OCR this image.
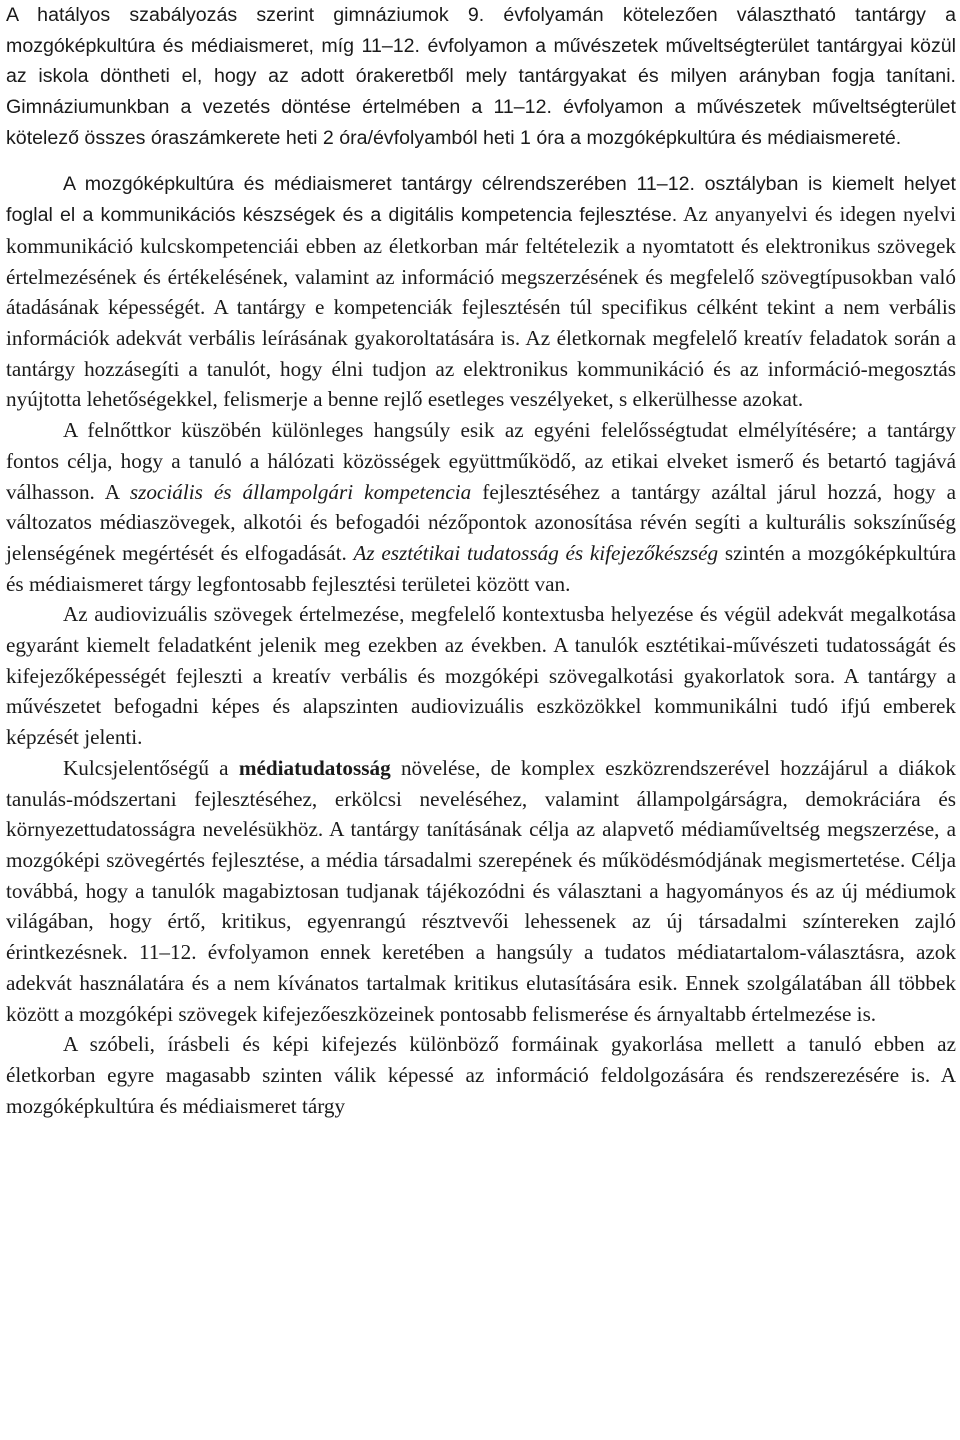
A hatályos szabályozás szerint gimnáziumok 9. évfolyamán kötelezően választható tantárgy a mozgóképkultúra és médiaismeret, míg 11‒12. évfolyamon a művészetek műveltségterület tantárgyai közül az iskola döntheti el, hogy az adott órakeretből mely tantárgyakat és milyen arányban fogja tanítani. Gimnáziumunkban a vezetés döntése értelmében a 11‒12. évfolyamon a művészetek műveltségterület kötelező összes óraszámkerete heti 2 óra/évfolyamból heti 1 óra a mozgóképkultúra és médiaismereté.

A mozgóképkultúra és médiaismeret tantárgy célrendszerében 11‒12. osztályban is kiemelt helyet foglal el a kommunikációs készségek és a digitális kompetencia fejlesztése. Az anyanyelvi és idegen nyelvi kommunikáció kulcskompetenciái ebben az életkorban már feltételezik a nyomtatott és elektronikus szövegek értelmezésének és értékelésének, valamint az információ megszerzésének és megfelelő szövegtípusokban való átadásának képességét. A tantárgy e kompetenciák fejlesztésén túl specifikus célként tekint a nem verbális információk adekvát verbális leírásának gyakoroltatására is. Az életkornak megfelelő kreatív feladatok során a tantárgy hozzásegíti a tanulót, hogy élni tudjon az elektronikus kommunikáció és az információ-megosztás nyújtotta lehetőségekkel, felismerje a benne rejlő esetleges veszélyeket, s elkerülhesse azokat.

A felnőttkor küszöbén különleges hangsúly esik az egyéni felelősségtudat elmélyítésére; a tantárgy fontos célja, hogy a tanuló a hálózati közösségek együttműködő, az etikai elveket ismerő és betartó tagjává válhasson. A szociális és állampolgári kompetencia fejlesztéséhez a tantárgy azáltal járul hozzá, hogy a változatos médiaszövegek, alkotói és befogadói nézőpontok azonosítása révén segíti a kulturális sokszínűség jelenségének megértését és elfogadását. Az esztétikai tudatosság és kifejezőkészség szintén a mozgóképkultúra és médiaismeret tárgy legfontosabb fejlesztési területei között van.

Az audiovizuális szövegek értelmezése, megfelelő kontextusba helyezése és végül adekvát megalkotása egyaránt kiemelt feladatként jelenik meg ezekben az években. A tanulók esztétikai-művészeti tudatosságát és kifejezőképességét fejleszti a kreatív verbális és mozgóképi szövegalkotási gyakorlatok sora. A tantárgy a művészetet befogadni képes és alapszinten audiovizuális eszközökkel kommunikálni tudó ifjú emberek képzését jelenti.

Kulcsjelentőségű a médiatudatosság növelése, de komplex eszközrendszerével hozzájárul a diákok tanulás-módszertani fejlesztéséhez, erkölcsi neveléséhez, valamint állampolgárságra, demokráciára és környezettudatosságra nevelésükhöz. A tantárgy tanításának célja az alapvető médiaműveltség megszerzése, a mozgóképi szövegértés fejlesztése, a média társadalmi szerepének és működésmódjának megismertetése. Célja továbbá, hogy a tanulók magabiztosan tudjanak tájékozódni és választani a hagyományos és az új médiumok világában, hogy értő, kritikus, egyenrangú résztvevői lehessenek az új társadalmi színtereken zajló érintkezésnek. 11‒12. évfolyamon ennek keretében a hangsúly a tudatos médiatartalom-választásra, azok adekvát használatára és a nem kívánatos tartalmak kritikus elutasítására esik. Ennek szolgálatában áll többek között a mozgóképi szövegek kifejezőeszközeinek pontosabb felismerése és árnyaltabb értelmezése is.

A szóbeli, írásbeli és képi kifejezés különböző formáinak gyakorlása mellett a tanuló ebben az életkorban egyre magasabb szinten válik képessé az információ feldolgozására és rendszerezésére is. A mozgóképkultúra és médiaismeret tárgy
